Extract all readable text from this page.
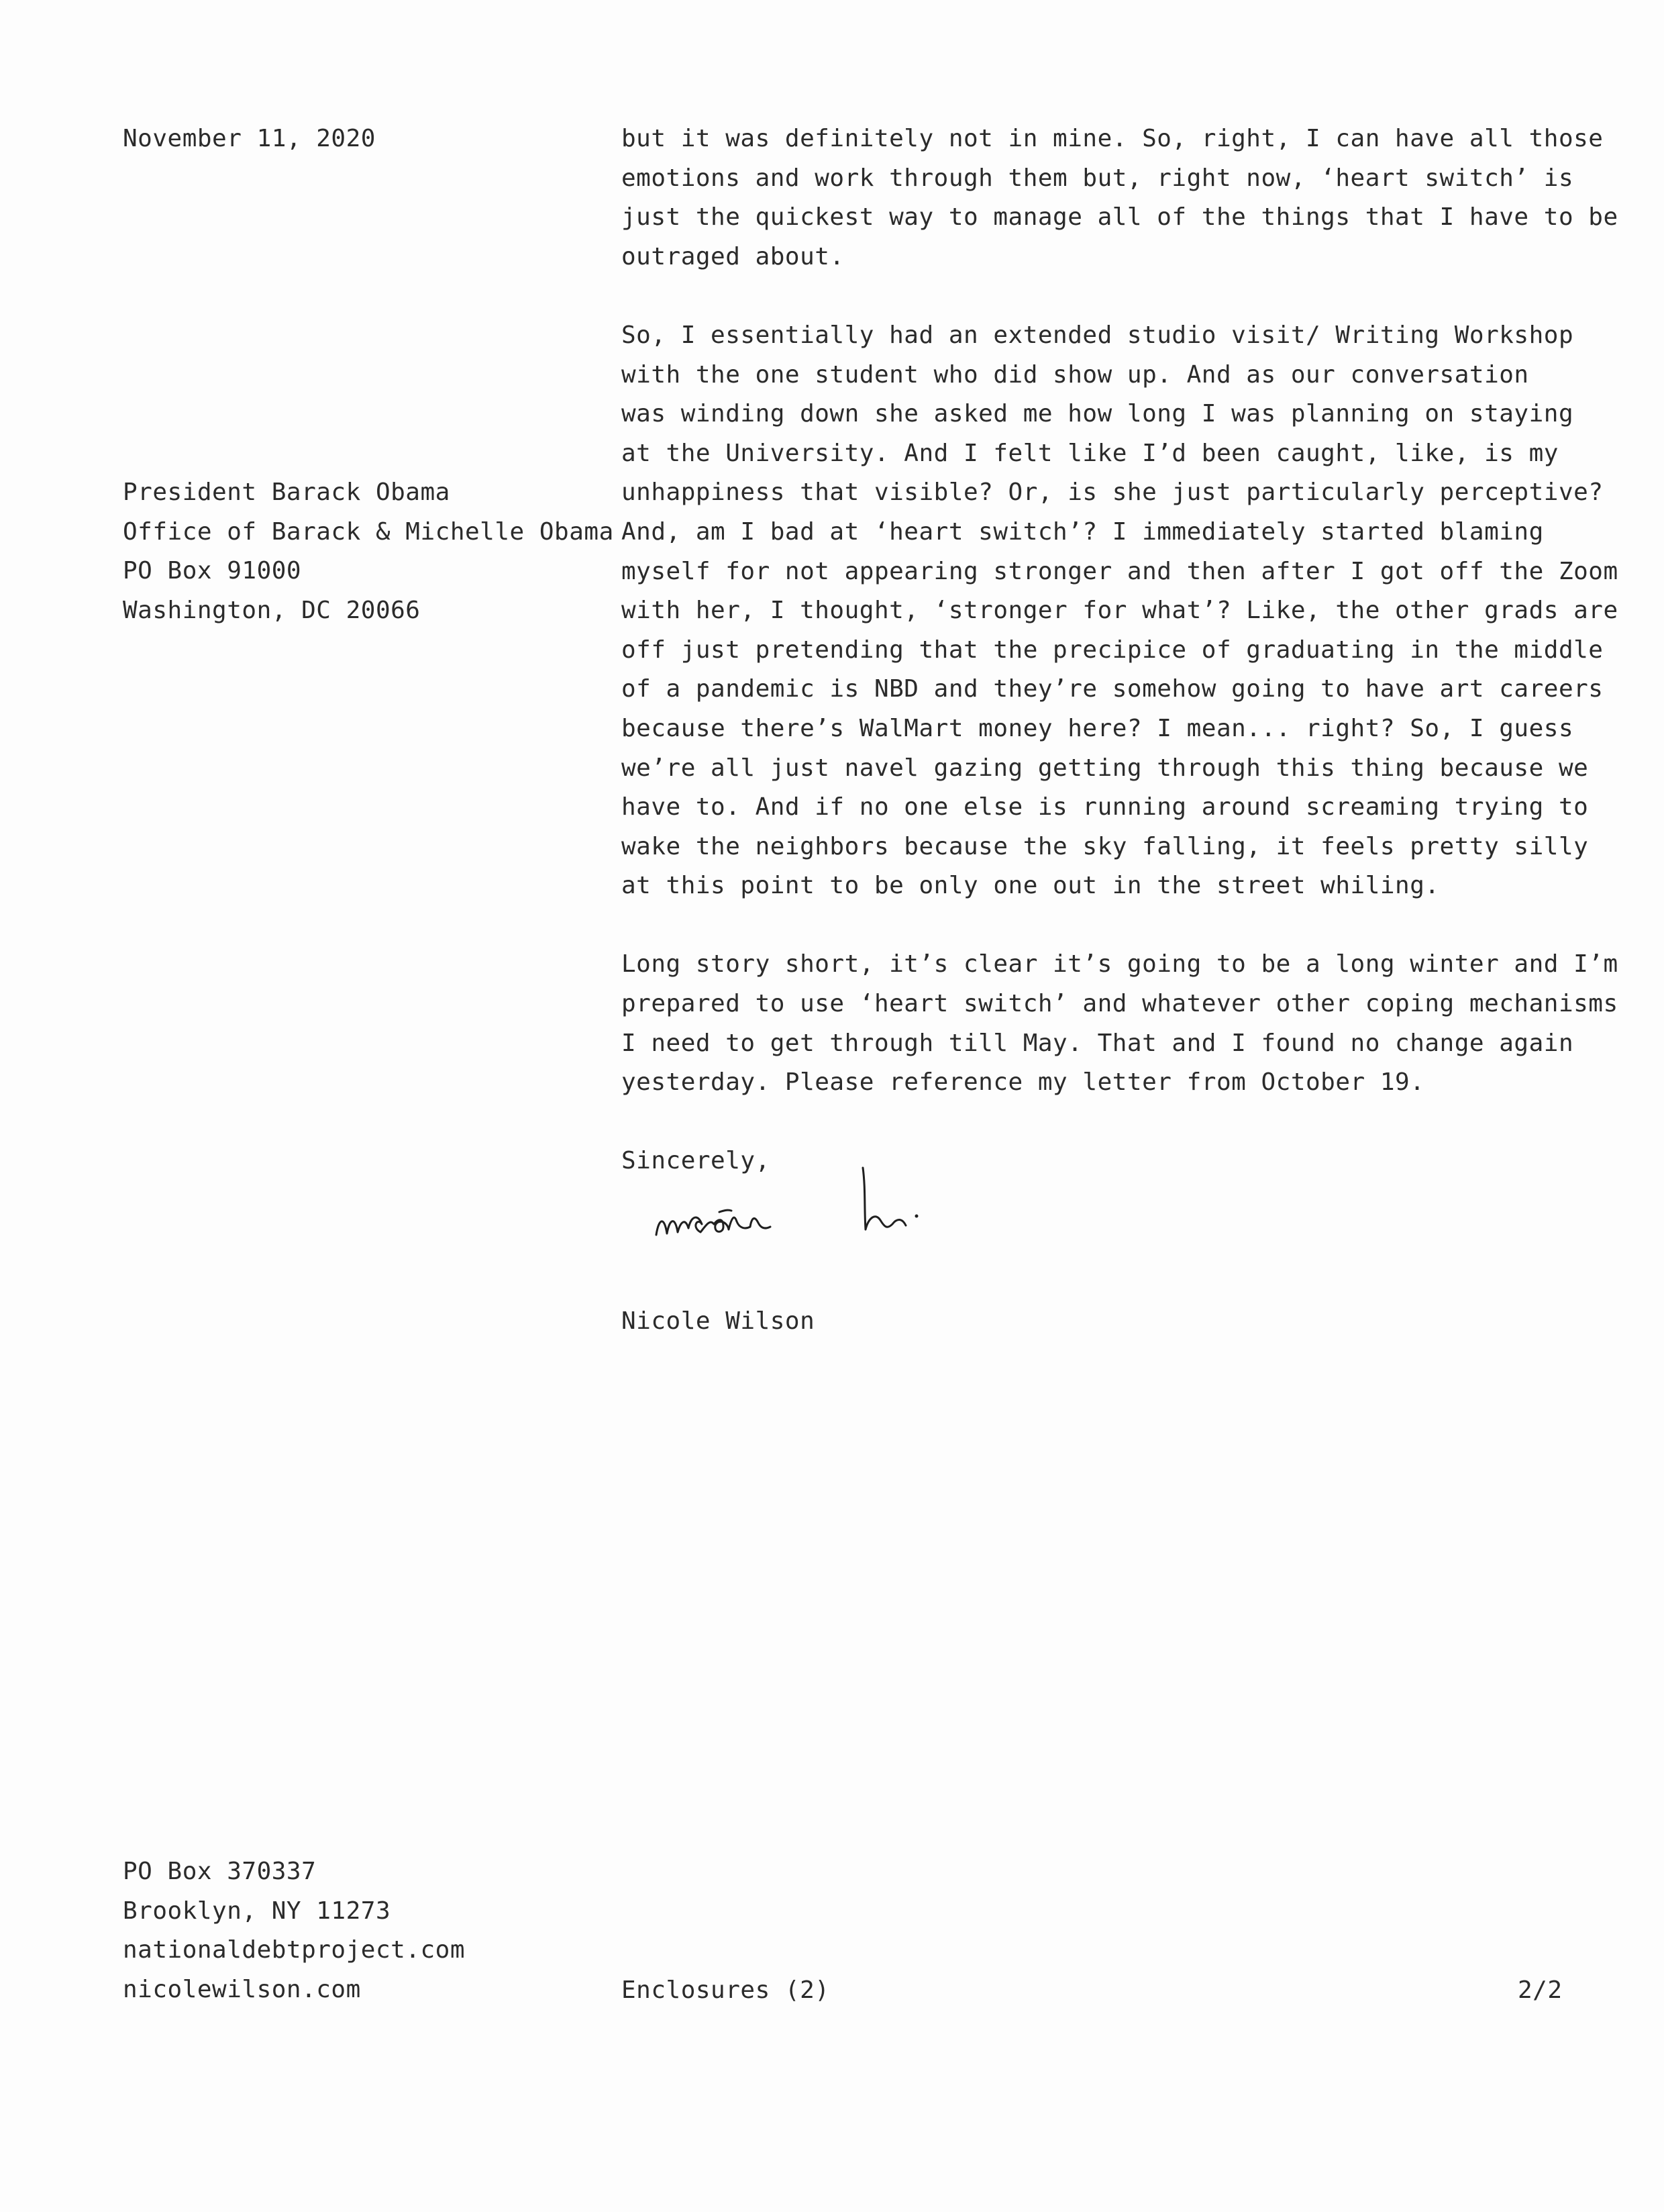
November 11, 2020
President Barack Obama
Office of Barack & Michelle Obama
PO Box 91000
Washington, DC 20066
but it was definitely not in mine. So, right, I can have all those
emotions and work through them but, right now, ‘heart switch’ is
just the quickest way to manage all of the things that I have to be
outraged about.
So, I essentially had an extended studio visit/ Writing Workshop
with the one student who did show up. And as our conversation
was winding down she asked me how long I was planning on staying
at the University. And I felt like I’d been caught, like, is my
unhappiness that visible? Or, is she just particularly perceptive?
And, am I bad at ‘heart switch’? I immediately started blaming
myself for not appearing stronger and then after I got off the Zoom
with her, I thought, ‘stronger for what’? Like, the other grads are
off just pretending that the precipice of graduating in the middle
of a pandemic is NBD and they’re somehow going to have art careers
because there’s WalMart money here? I mean... right? So, I guess
we’re all just navel gazing getting through this thing because we
have to. And if no one else is running around screaming trying to
wake the neighbors because the sky falling, it feels pretty silly
at this point to be only one out in the street whiling.
Long story short, it’s clear it’s going to be a long winter and I’m
prepared to use ‘heart switch’ and whatever other coping mechanisms
I need to get through till May. That and I found no change again
yesterday. Please reference my letter from October 19.
Sincerely,
Nicole Wilson
PO Box 370337
Brooklyn, NY 11273
nationaldebtproject.com
nicolewilson.com	Enclosures (2)	2/2
